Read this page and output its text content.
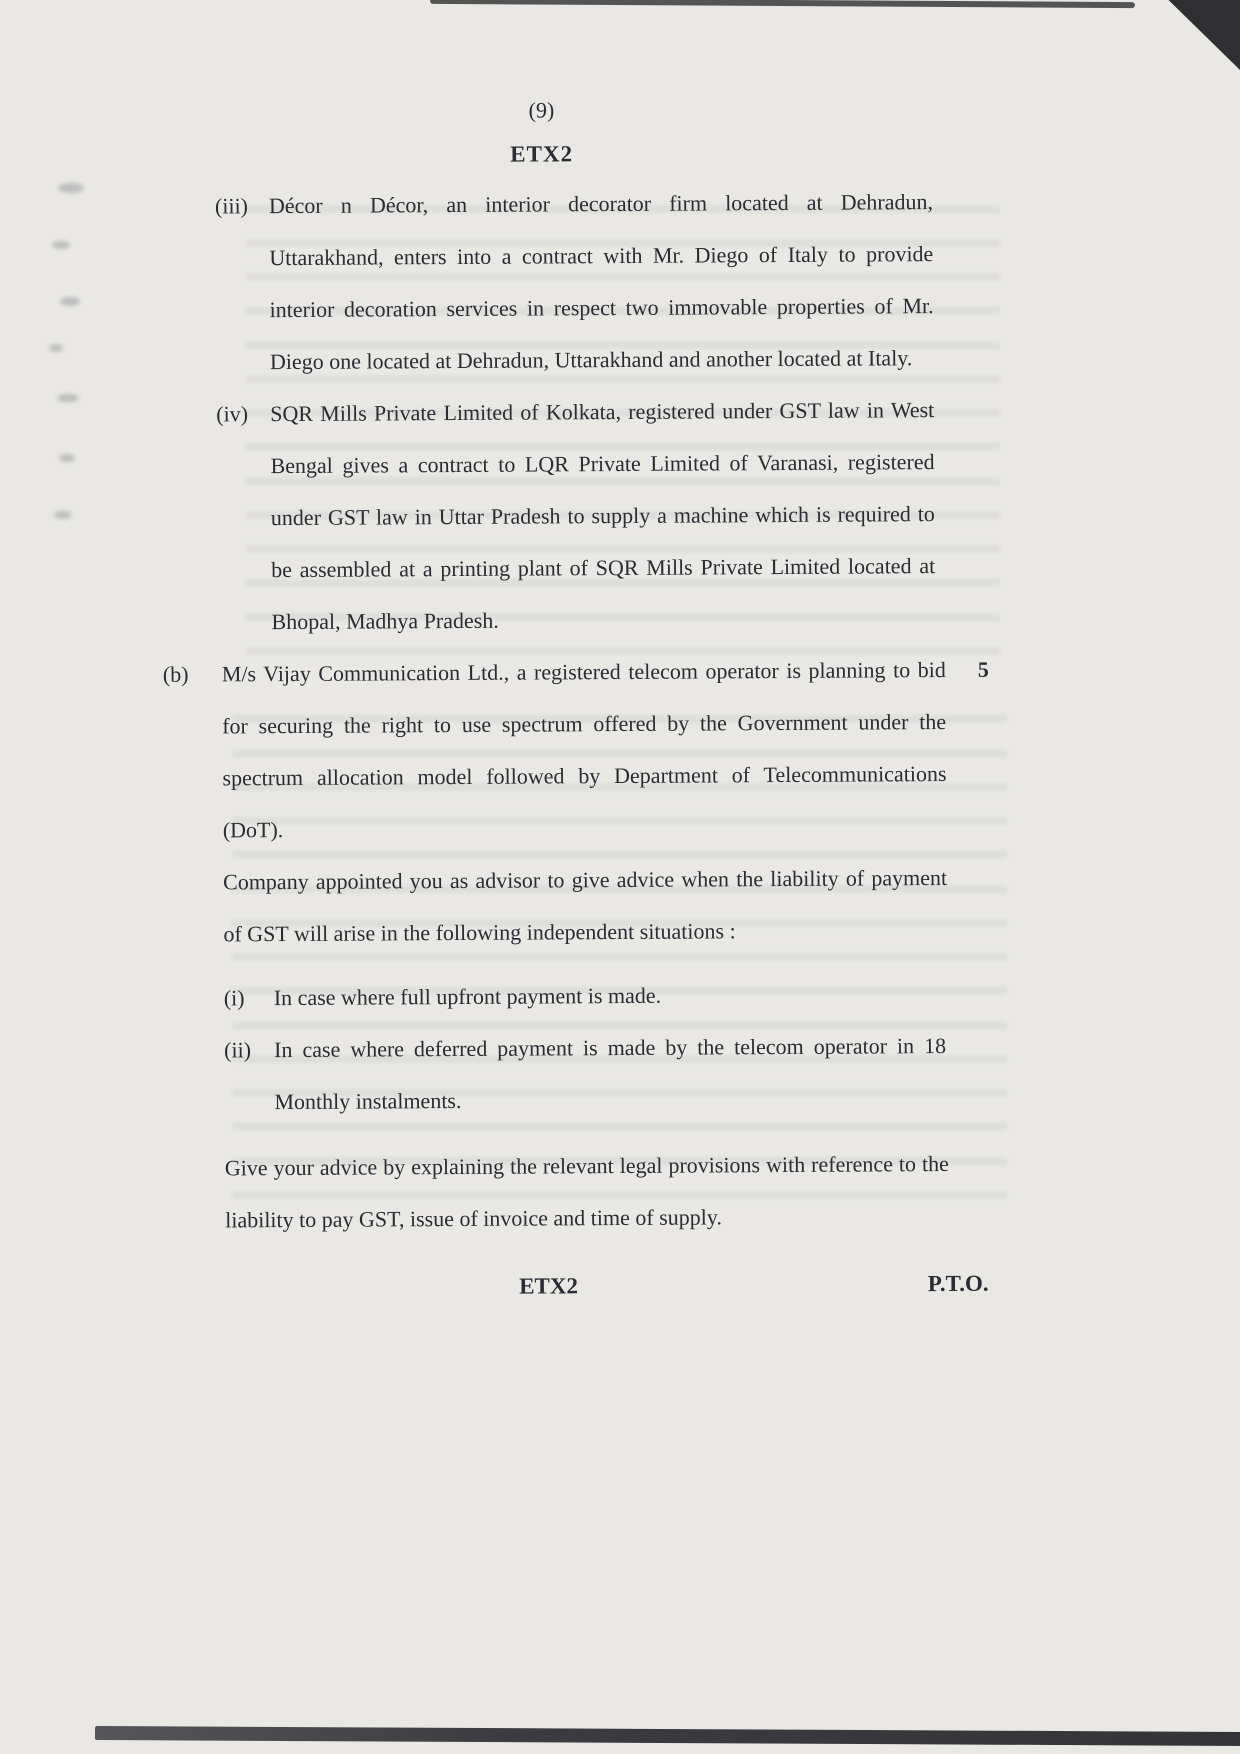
(9)
ETX2
(iii) Décor n Décor, an interior decorator firm located at Dehradun, Uttarakhand, enters into a contract with Mr. Diego of Italy to provide interior decoration services in respect two immovable properties of Mr. Diego one located at Dehradun, Uttarakhand and another located at Italy.
(iv)	SQR Mills Private Limited of Kolkata, registered under GST law in West Bengal gives a contract to LQR Private Limited of Varanasi, registered under GST law in Uttar Pradesh to supply a machine which is required to be assembled at a printing plant of SQR Mills Private Limited located at Bhopal, Madhya Pradesh.
(b)	M/s Vijay Communication Ltd., a registered telecom operator is planning to bid for securing the right to use spectrum offered by the Government under the spectrum allocation model followed by Department of Telecommunications (DoT).
5
Company appointed you as advisor to give advice when the liability of payment of GST will arise in the following independent situations :
(i)	In case where full upfront payment is made.
(ii)	In case where deferred payment is made by the telecom operator in 18 Monthly instalments.
Give your advice by explaining the relevant legal provisions with reference to the liability to pay GST, issue of invoice and time of supply.
ETX2	P.T.O.
